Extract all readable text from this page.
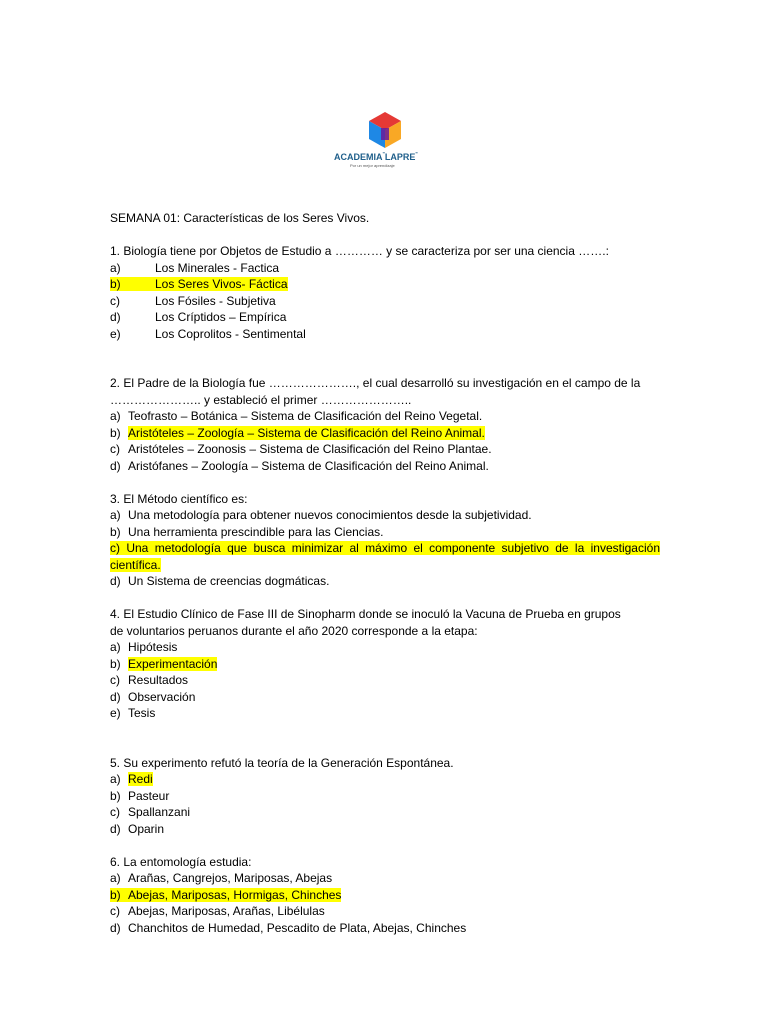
ACADEMIA"LAPRE"
Por un mejor aprendizaje
SEMANA 01: Características de los Seres Vivos.
1. Biología tiene por Objetos de Estudio a ………… y se caracteriza por ser una ciencia …….:
a)	Los Minerales - Factica
b)	Los Seres Vivos- Fáctica
c)	Los Fósiles - Subjetiva
d)	Los Críptidos – Empírica
e)	Los Coprolitos - Sentimental
2. El Padre de la Biología fue …………………., el cual desarrolló su investigación en el campo de la
………………….. y estableció el primer …………………..
a) Teofrasto – Botánica – Sistema de Clasificación del Reino Vegetal.
b) Aristóteles – Zoología – Sistema de Clasificación del Reino Animal.
c) Aristóteles – Zoonosis – Sistema de Clasificación del Reino Plantae.
d) Aristófanes – Zoología – Sistema de Clasificación del Reino Animal.
3. El Método científico es:
a) Una metodología para obtener nuevos conocimientos desde la subjetividad.
b) Una herramienta prescindible para las Ciencias.
c) Una metodología que busca minimizar al máximo el componente subjetivo de la investigación científica.
d) Un Sistema de creencias dogmáticas.
4. El Estudio Clínico de Fase III de Sinopharm donde se inoculó la Vacuna de Prueba en grupos
de voluntarios peruanos durante el año 2020 corresponde a la etapa:
a) Hipótesis
b) Experimentación
c) Resultados
d) Observación
e) Tesis
5. Su experimento refutó la teoría de la Generación Espontánea.
a) Redi
b) Pasteur
c) Spallanzani
d) Oparin
6. La entomología estudia:
a) Arañas, Cangrejos, Mariposas, Abejas
b) Abejas, Mariposas, Hormigas, Chinches
c) Abejas, Mariposas, Arañas, Libélulas
d) Chanchitos de Humedad, Pescadito de Plata, Abejas, Chinches
